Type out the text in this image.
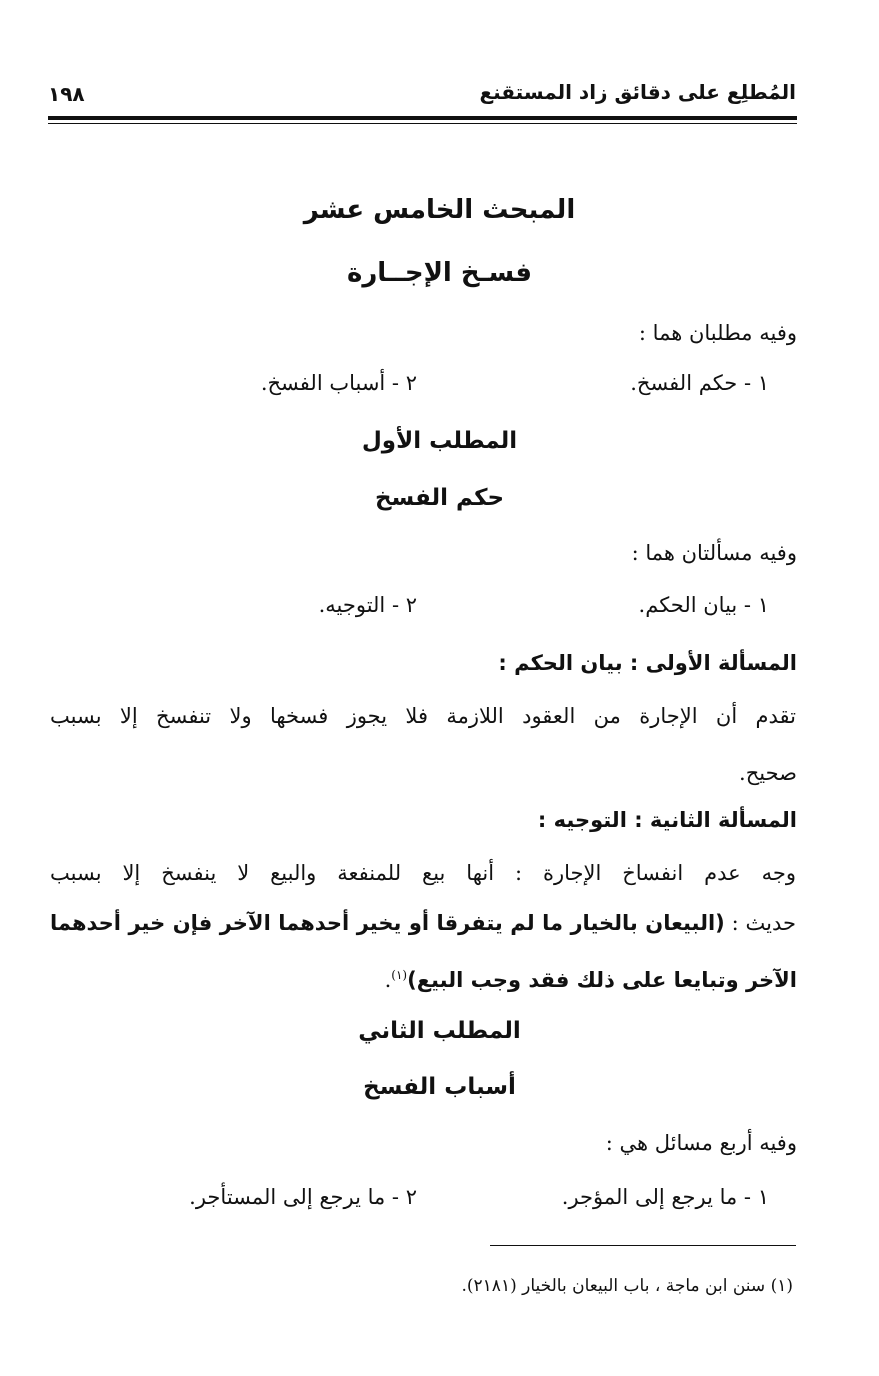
المُطلِع على دقائق زاد المستقنع
١٩٨
المبحث الخامس عشر
فسـخ الإجــارة
وفيه مطلبان هما :
١ - حكم الفسخ.
٢ - أسباب الفسخ.
المطلب الأول
حكم الفسخ
وفيه مسألتان هما :
١ - بيان الحكم.
٢ - التوجيه.
المسألة الأولى : بيان الحكم :
تقدم أن الإجارة من العقود اللازمة فلا يجوز فسخها ولا تنفسخ إلا بسبب
صحيح.
المسألة الثانية : التوجيه :
وجه عدم انفساخ الإجارة : أنها بيع للمنفعة والبيع لا ينفسخ إلا بسبب
حديث : (البيعان بالخيار ما لم يتفرقا أو يخير أحدهما الآخر فإن خير أحدهما
الآخر وتبايعا على ذلك فقد وجب البيع)$^{(١)}$.
المطلب الثاني
أسباب الفسخ
وفيه أربع مسائل هي :
١ - ما يرجع إلى المؤجر.
٢ - ما يرجع إلى المستأجر.
(١) سنن ابن ماجة ، باب البيعان بالخيار (٢١٨١).
